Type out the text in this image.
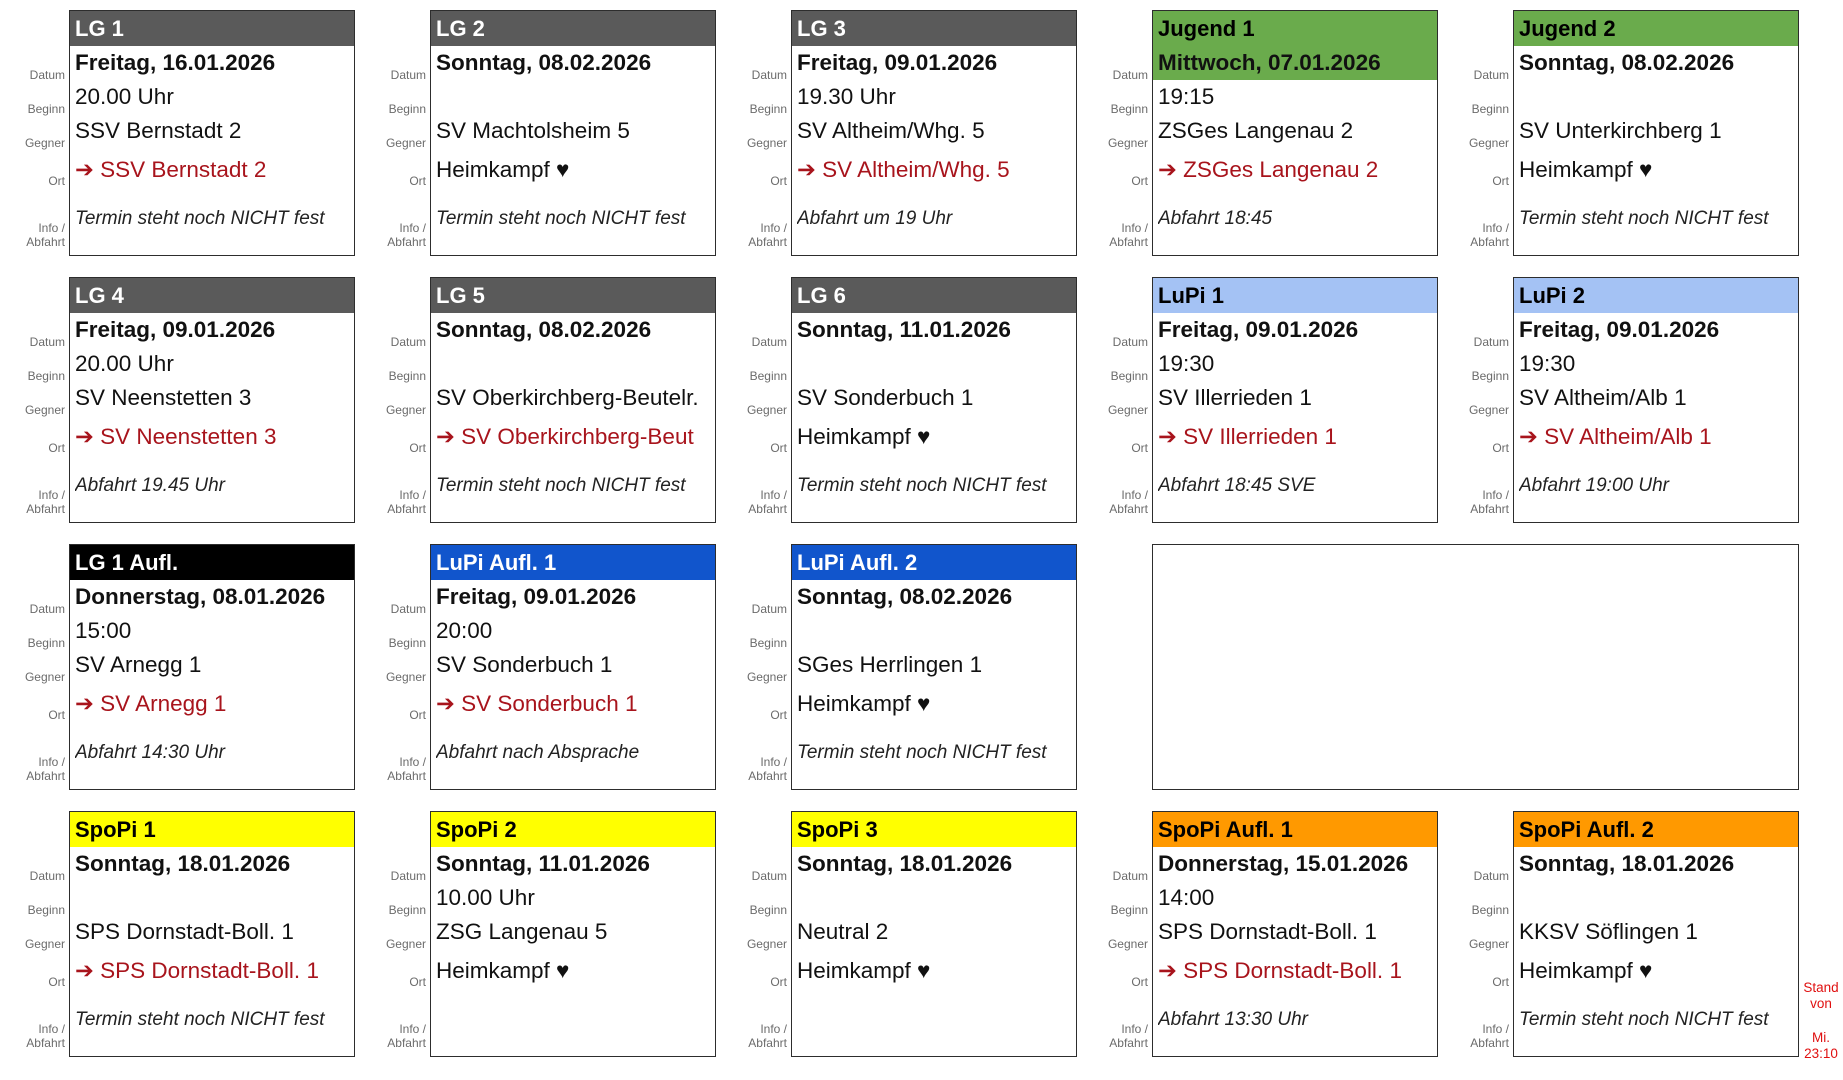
Datum
Beginn
Gegner
Ort
Info /
Abfahrt
LG 1
Freitag, 16.01.2026
20.00 Uhr
SSV Bernstadt 2
➔ SSV Bernstadt 2
Termin steht noch NICHT fest
Datum
Beginn
Gegner
Ort
Info /
Abfahrt
LG 2
Sonntag, 08.02.2026
SV Machtolsheim 5
Heimkampf ♥
Termin steht noch NICHT fest
Datum
Beginn
Gegner
Ort
Info /
Abfahrt
LG 3
Freitag, 09.01.2026
19.30 Uhr
SV Altheim/Whg. 5
➔ SV Altheim/Whg. 5
Abfahrt um 19 Uhr
Datum
Beginn
Gegner
Ort
Info /
Abfahrt
Jugend 1
Mittwoch, 07.01.2026
19:15
ZSGes Langenau 2
➔ ZSGes Langenau 2
Abfahrt 18:45
Datum
Beginn
Gegner
Ort
Info /
Abfahrt
Jugend 2
Sonntag, 08.02.2026
SV Unterkirchberg 1
Heimkampf ♥
Termin steht noch NICHT fest
Datum
Beginn
Gegner
Ort
Info /
Abfahrt
LG 4
Freitag, 09.01.2026
20.00 Uhr
SV Neenstetten 3
➔ SV Neenstetten 3
Abfahrt 19.45 Uhr
Datum
Beginn
Gegner
Ort
Info /
Abfahrt
LG 5
Sonntag, 08.02.2026
SV Oberkirchberg-Beutelr.
➔ SV Oberkirchberg-Beut
Termin steht noch NICHT fest
Datum
Beginn
Gegner
Ort
Info /
Abfahrt
LG 6
Sonntag, 11.01.2026
SV Sonderbuch 1
Heimkampf ♥
Termin steht noch NICHT fest
Datum
Beginn
Gegner
Ort
Info /
Abfahrt
LuPi 1
Freitag, 09.01.2026
19:30
SV Illerrieden 1
➔ SV Illerrieden 1
Abfahrt 18:45 SVE
Datum
Beginn
Gegner
Ort
Info /
Abfahrt
LuPi 2
Freitag, 09.01.2026
19:30
SV Altheim/Alb 1
➔ SV Altheim/Alb 1
Abfahrt 19:00 Uhr
Datum
Beginn
Gegner
Ort
Info /
Abfahrt
LG 1 Aufl.
Donnerstag, 08.01.2026
15:00
SV Arnegg 1
➔ SV Arnegg 1
Abfahrt 14:30 Uhr
Datum
Beginn
Gegner
Ort
Info /
Abfahrt
LuPi Aufl. 1
Freitag, 09.01.2026
20:00
SV Sonderbuch 1
➔ SV Sonderbuch 1
Abfahrt nach Absprache
Datum
Beginn
Gegner
Ort
Info /
Abfahrt
LuPi Aufl. 2
Sonntag, 08.02.2026
SGes Herrlingen 1
Heimkampf ♥
Termin steht noch NICHT fest
Datum
Beginn
Gegner
Ort
Info /
Abfahrt
SpoPi 1
Sonntag, 18.01.2026
SPS Dornstadt-Boll. 1
➔ SPS Dornstadt-Boll. 1
Termin steht noch NICHT fest
Datum
Beginn
Gegner
Ort
Info /
Abfahrt
SpoPi 2
Sonntag, 11.01.2026
10.00 Uhr
ZSG Langenau 5
Heimkampf ♥
Datum
Beginn
Gegner
Ort
Info /
Abfahrt
SpoPi 3
Sonntag, 18.01.2026
Neutral 2
Heimkampf ♥
Datum
Beginn
Gegner
Ort
Info /
Abfahrt
SpoPi Aufl. 1
Donnerstag, 15.01.2026
14:00
SPS Dornstadt-Boll. 1
➔ SPS Dornstadt-Boll. 1
Abfahrt 13:30 Uhr
Datum
Beginn
Gegner
Ort
Info /
Abfahrt
SpoPi Aufl. 2
Sonntag, 18.01.2026
KKSV Söflingen 1
Heimkampf ♥
Termin steht noch NICHT fest
Stand
von
Mi.
23:10
